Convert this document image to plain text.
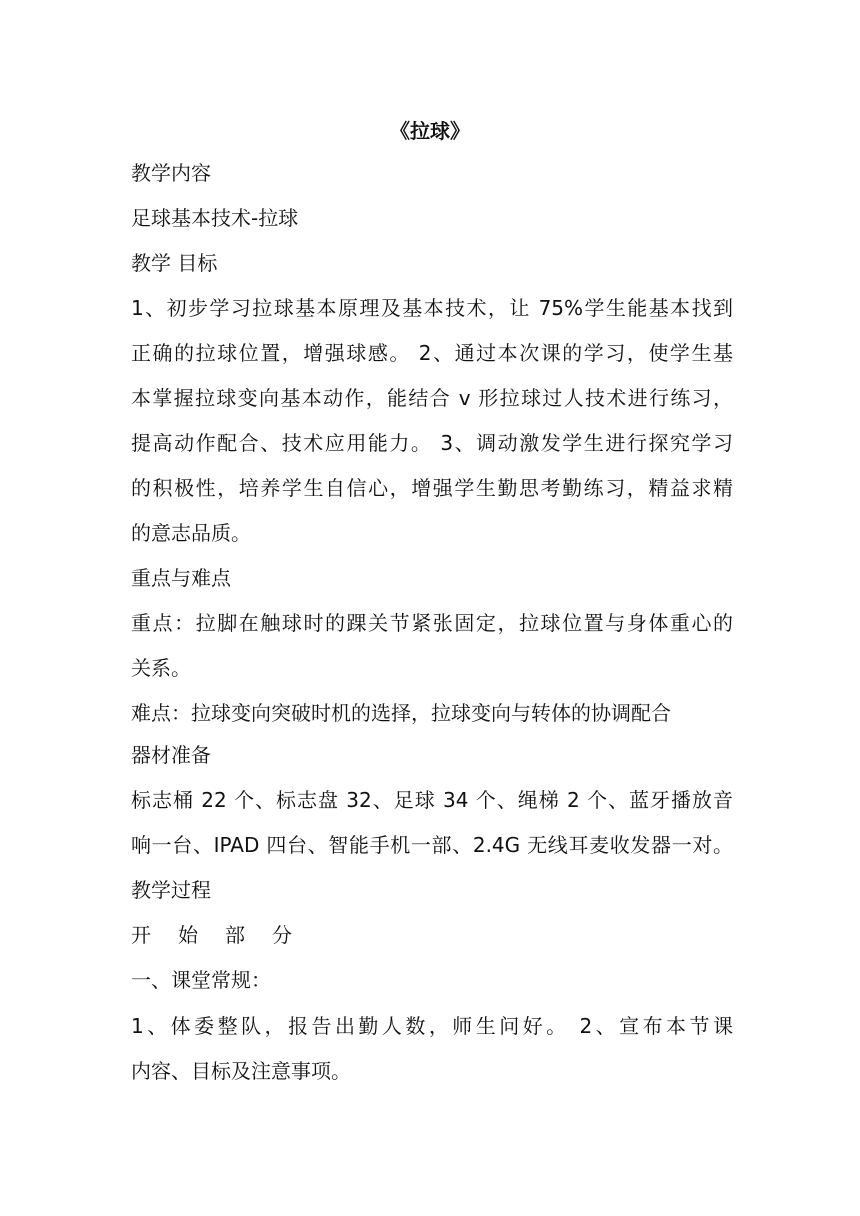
《拉球》
教学内容
足球基本技术-拉球
教学 目标
1、初步学习拉球基本原理及基本技术，让 75%学生能基本找到
正确的拉球位置，增强球感。 2、通过本次课的学习，使学生基
本掌握拉球变向基本动作，能结合 v 形拉球过人技术进行练习，
提高动作配合、技术应用能力。 3、调动激发学生进行探究学习
的积极性，培养学生自信心，增强学生勤思考勤练习，精益求精
的意志品质。
重点与难点
重点：拉脚在触球时的踝关节紧张固定，拉球位置与身体重心的
关系。
难点：拉球变向突破时机的选择，拉球变向与转体的协调配合
器材准备
标志桶 22 个、标志盘 32、足球 34 个、绳梯 2 个、蓝牙播放音
响一台、IPAD 四台、智能手机一部、2.4G 无线耳麦收发器一对。
教学过程
开始部分
一、课堂常规：
1、体委整队，报告出勤人数，师生问好。 2、宣布本节课
内容、目标及注意事项。
